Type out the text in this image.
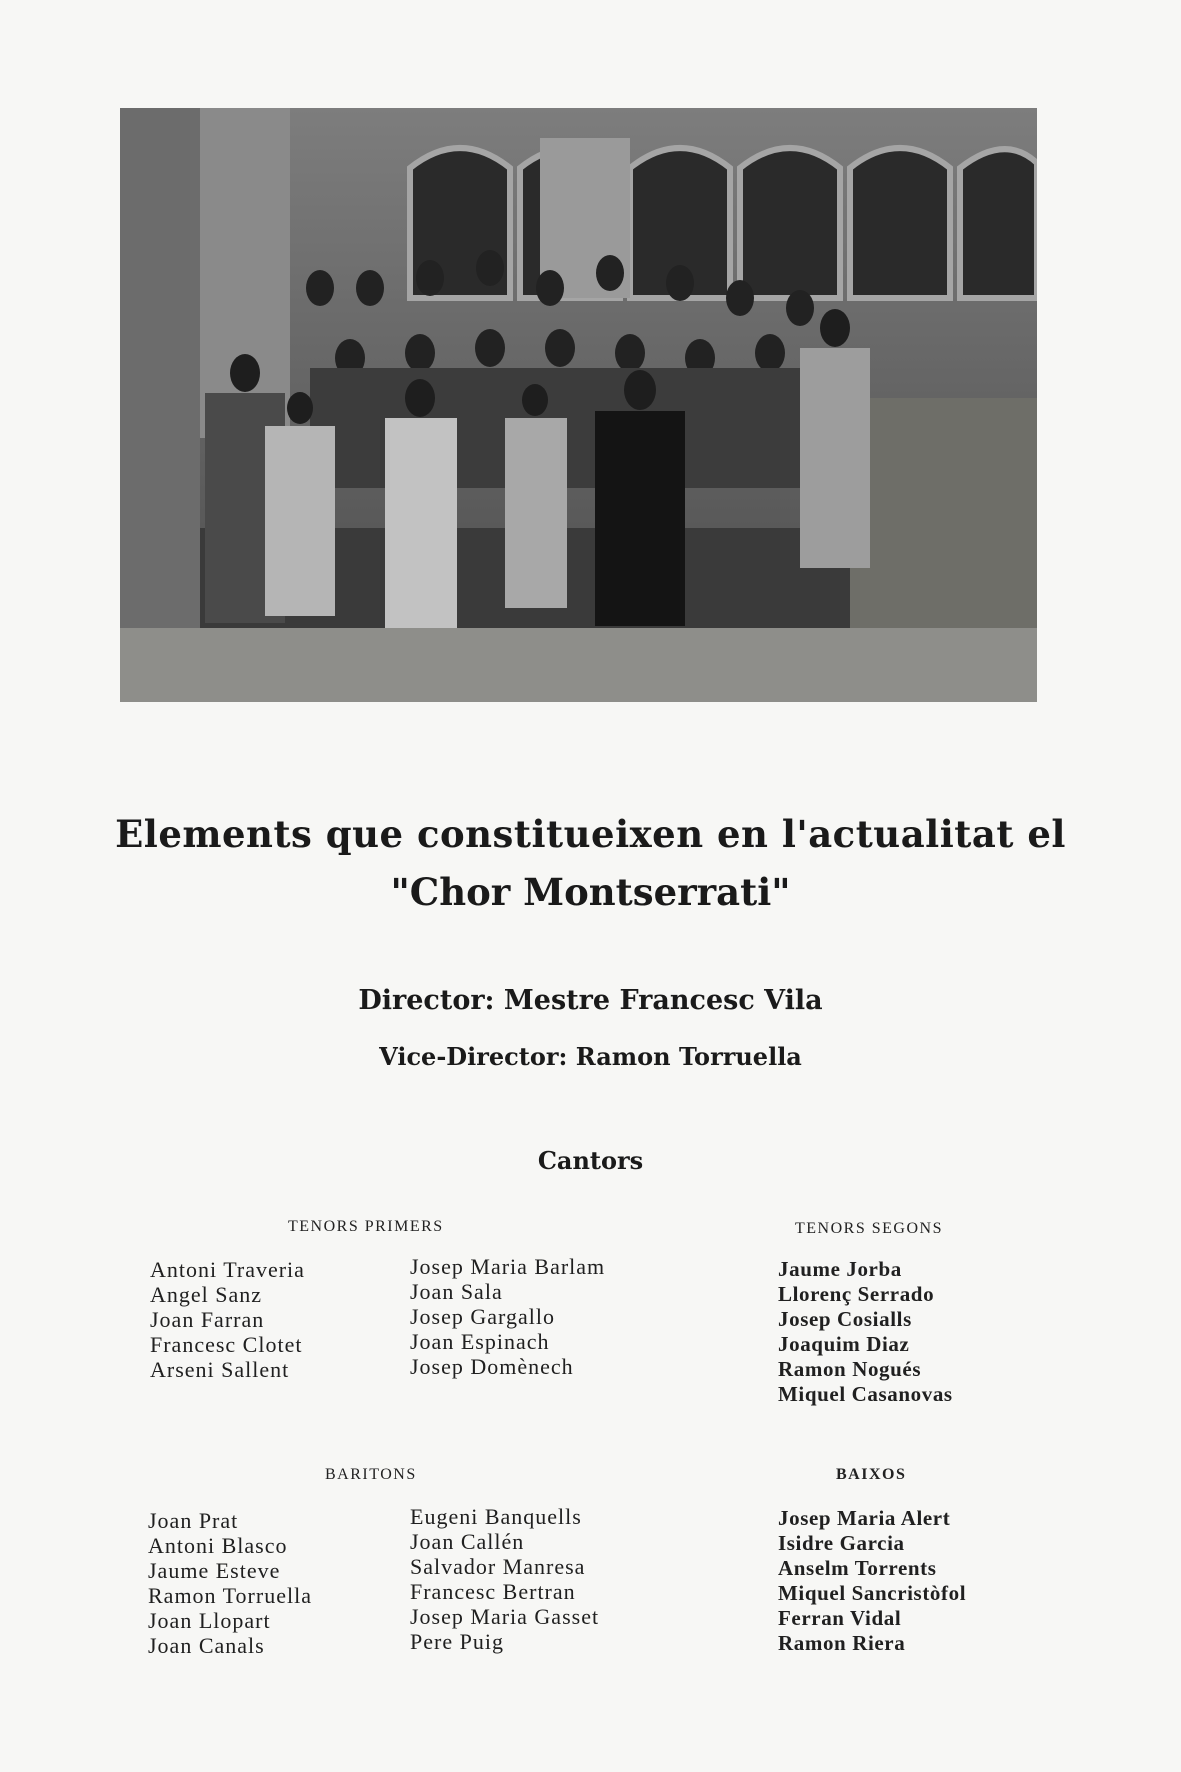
Elements que constitueixen en l'actualitat el
"Chor Montserrati"
Director: Mestre Francesc Vila
Vice-Director: Ramon Torruella
Cantors
TENORS PRIMERS
Antoni Traveria
Angel Sanz
Joan Farran
Francesc Clotet
Arseni Sallent
Josep Maria Barlam
Joan Sala
Josep Gargallo
Joan Espinach
Josep Domènech
TENORS SEGONS
Jaume Jorba
Llorenç Serrado
Josep Cosialls
Joaquim Diaz
Ramon Nogués
Miquel Casanovas
BARITONS
Joan Prat
Antoni Blasco
Jaume Esteve
Ramon Torruella
Joan Llopart
Joan Canals
Eugeni Banquells
Joan Callén
Salvador Manresa
Francesc Bertran
Josep Maria Gasset
Pere Puig
BAIXOS
Josep Maria Alert
Isidre Garcia
Anselm Torrents
Miquel Sancristòfol
Ferran Vidal
Ramon Riera
